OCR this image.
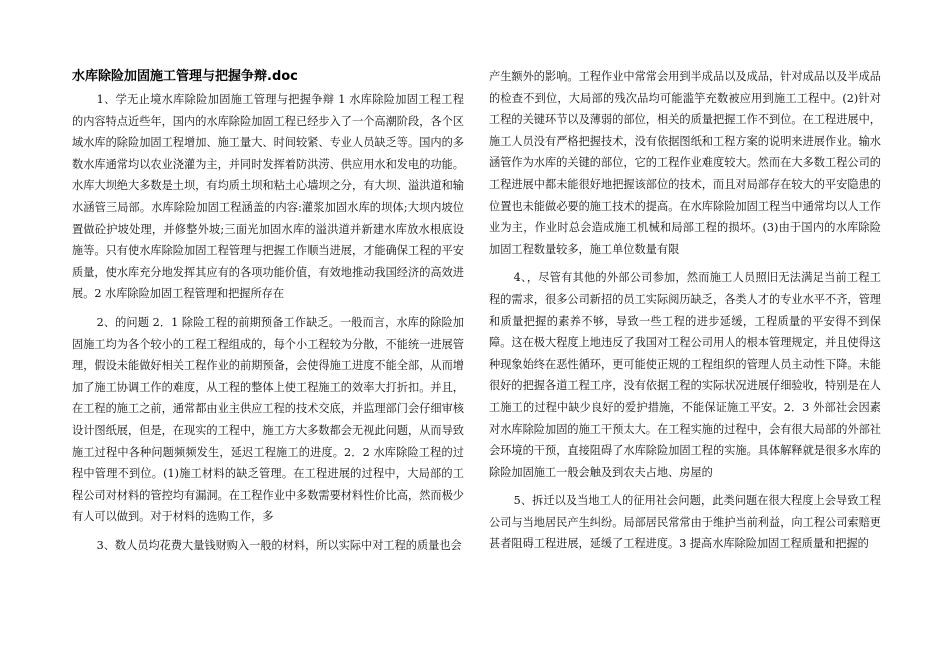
水库除险加固施工管理与把握争辩.doc

1、学无止境水库除险加固施工管理与把握争辩 1 水库除险加固工程工程的内容特点近些年，国内的水库除险加固工程已经步入了一个高潮阶段，各个区域水库的除险加固工程增加、施工量大、时间较紧、专业人员缺乏等。国内的多数水库通常均以农业浇灌为主，并同时发挥着防洪涝、供应用水和发电的功能。水库大坝绝大多数是土坝，有均质土坝和粘土心墙坝之分，有大坝、溢洪道和输水涵管三局部。水库除险加固工程涵盖的内容:灌浆加固水库的坝体;大坝内坡位置做砼护坡处理，并修整外坡;三面光加固水库的溢洪道并新建水库放水根底设施等。只有使水库除险加固工程管理与把握工作顺当进展，才能确保工程的平安质量，使水库充分地发挥其应有的各项功能价值，有效地推动我国经济的高效进展。2 水库除险加固工程管理和把握所存在

2、的问题 2．1 除险工程的前期预备工作缺乏。一般而言，水库的除险加固施工均为各个较小的工程工程组成的，每个小工程较为分散，不能统一进展管理，假设未能做好相关工程作业的前期预备，会使得施工进度不能全部，从而增加了施工协调工作的难度，从工程的整体上使工程施工的效率大打折扣。并且，在工程的施工之前，通常都由业主供应工程的技术交底，并监理部门会仔细审核设计图纸展，但是，在现实的工程中，施工方大多数都会无视此问题，从而导致施工过程中各种问题频频发生，延迟工程施工的进度。2．2 水库除险工程的过程中管理不到位。(1)施工材料的缺乏管理。在工程进展的过程中，大局部的工程公司对材料的管控均有漏洞。在工程作业中多数需要材料性价比高，然而极少有人可以做到。对于材料的选购工作，多

3、数人员均花费大量钱财购入一般的材料，所以实际中对工程的质量也会

产生额外的影响。工程作业中常常会用到半成品以及成品，针对成品以及半成品的检查不到位，大局部的残次品均可能滥竽充数被应用到施工工程中。(2)针对工程的关键环节以及薄弱的部位，相关的质量把握工作不到位。在工程进展中，施工人员没有严格把握技术，没有依据图纸和工程方案的说明来进展作业。输水涵管作为水库的关键的部位，它的工程作业难度较大。然而在大多数工程公司的工程进展中都未能很好地把握该部位的技术，而且对局部存在较大的平安隐患的位置也未能做必要的施工技术的提高。在水库除险加固工程当中通常均以人工作业为主，作业时总会造成施工机械和局部工程的损坏。(3)由于国内的水库除险加固工程数量较多，施工单位数量有限

4、，尽管有其他的外部公司参加，然而施工人员照旧无法满足当前工程工程的需求，很多公司新招的员工实际阅历缺乏，各类人才的专业水平不齐，管理和质量把握的素养不够，导致一些工程的进步延缓，工程质量的平安得不到保障。这在极大程度上地违反了我国对工程公司用人的根本管理规定，并且使得这种现象始终在恶性循环，更可能使正规的工程组织的管理人员主动性下降。未能很好的把握各道工程工序，没有依据工程的实际状况进展仔细验收，特别是在人工施工的过程中缺少良好的爱护措施，不能保证施工平安。2．3 外部社会因素对水库除险加固的施工干预太大。在工程实施的过程中，会有很大局部的外部社会环境的干预，直接阻碍了水库除险加固工程的实施。具体解释就是很多水库的除险加固施工一般会触及到农夫占地、房屋的

5、拆迁以及当地工人的征用社会问题，此类问题在很大程度上会导致工程公司与当地居民产生纠纷。局部居民常常由于维护当前利益，向工程公司索赔更甚者阻碍工程进展，延缓了工程进度。3 提高水库除险加固工程质量和把握的
